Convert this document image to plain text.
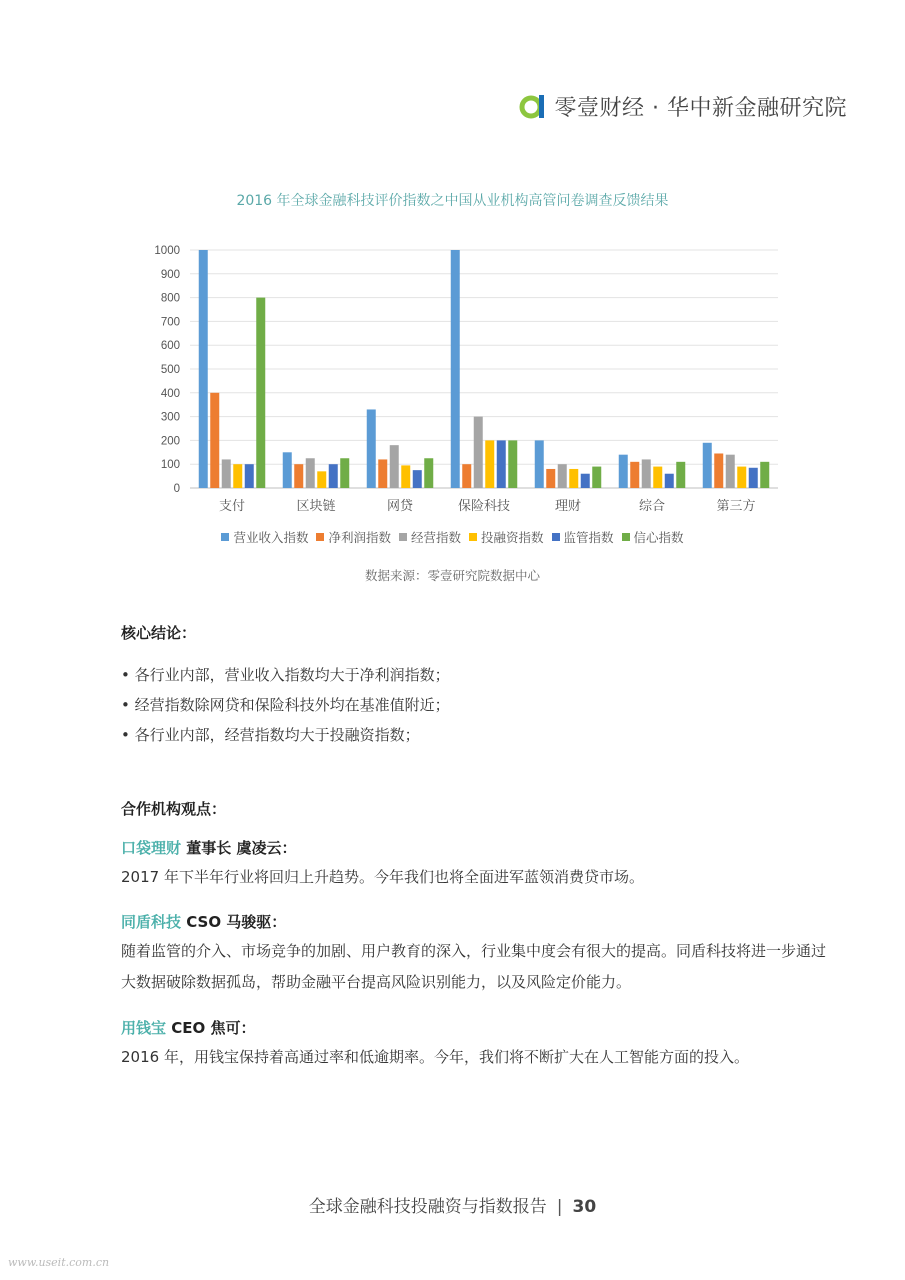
零壹财经 · 华中新金融研究院
2016 年全球金融科技评价指数之中国从业机构高管问卷调查反馈结果
0
100
200
300
400
500
600
700
800
900
1000
支付	区块链	网贷	保险科技	理财	综合	第三方
营业收入指数 净利润指数 经营指数 投融资指数 监管指数 信心指数
数据来源：零壹研究院数据中心
核心结论：
• 各行业内部，营业收入指数均大于净利润指数；
• 经营指数除网贷和保险科技外均在基准值附近；
• 各行业内部，经营指数均大于投融资指数；
合作机构观点：
口袋理财 董事长 虞凌云：
2017 年下半年行业将回归上升趋势。今年我们也将全面进军蓝领消费贷市场。
同盾科技 CSO 马骏驱：
随着监管的介入、市场竞争的加剧、用户教育的深入，行业集中度会有很大的提高。同盾科技将进一步通过大数据破除数据孤岛，帮助金融平台提高风险识别能力，以及风险定价能力。
用钱宝 CEO 焦可：
2016 年，用钱宝保持着高通过率和低逾期率。今年，我们将不断扩大在人工智能方面的投入。
全球金融科技投融资与指数报告 | 30
www.useit.com.cn
